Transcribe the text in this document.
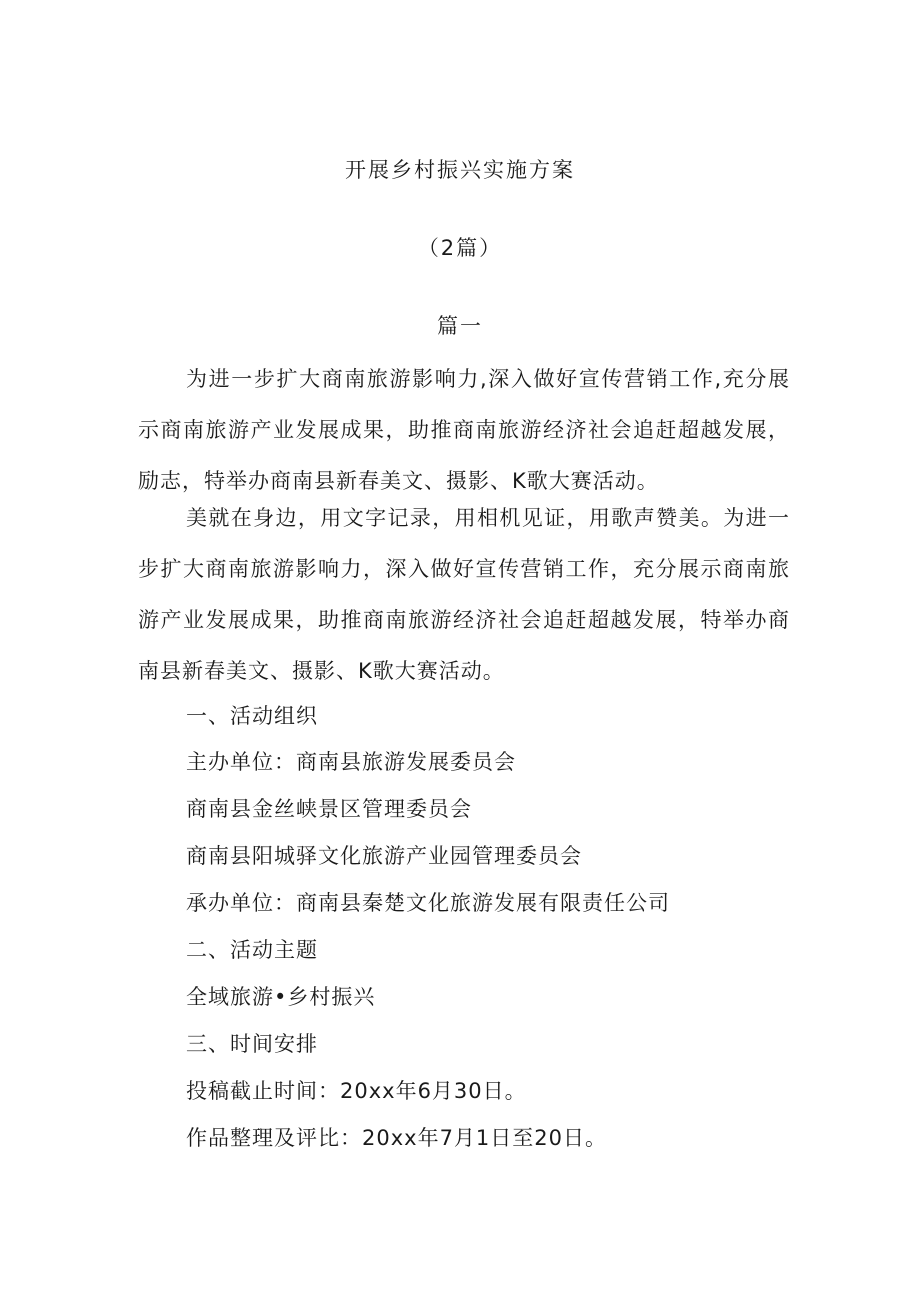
开展乡村振兴实施方案
（2篇）
篇一

为进一步扩大商南旅游影响力,深入做好宣传营销工作,充分展示商南旅游产业发展成果，助推商南旅游经济社会追赶超越发展，励志，特举办商南县新春美文、摄影、K歌大赛活动。

美就在身边，用文字记录，用相机见证，用歌声赞美。为进一步扩大商南旅游影响力，深入做好宣传营销工作，充分展示商南旅游产业发展成果，助推商南旅游经济社会追赶超越发展，特举办商南县新春美文、摄影、K歌大赛活动。

一、活动组织
主办单位：商南县旅游发展委员会
商南县金丝峡景区管理委员会
商南县阳城驿文化旅游产业园管理委员会
承办单位：商南县秦楚文化旅游发展有限责任公司
二、活动主题
全域旅游•乡村振兴
三、时间安排
投稿截止时间：20xx年6月30日。
作品整理及评比：20xx年7月1日至20日。
